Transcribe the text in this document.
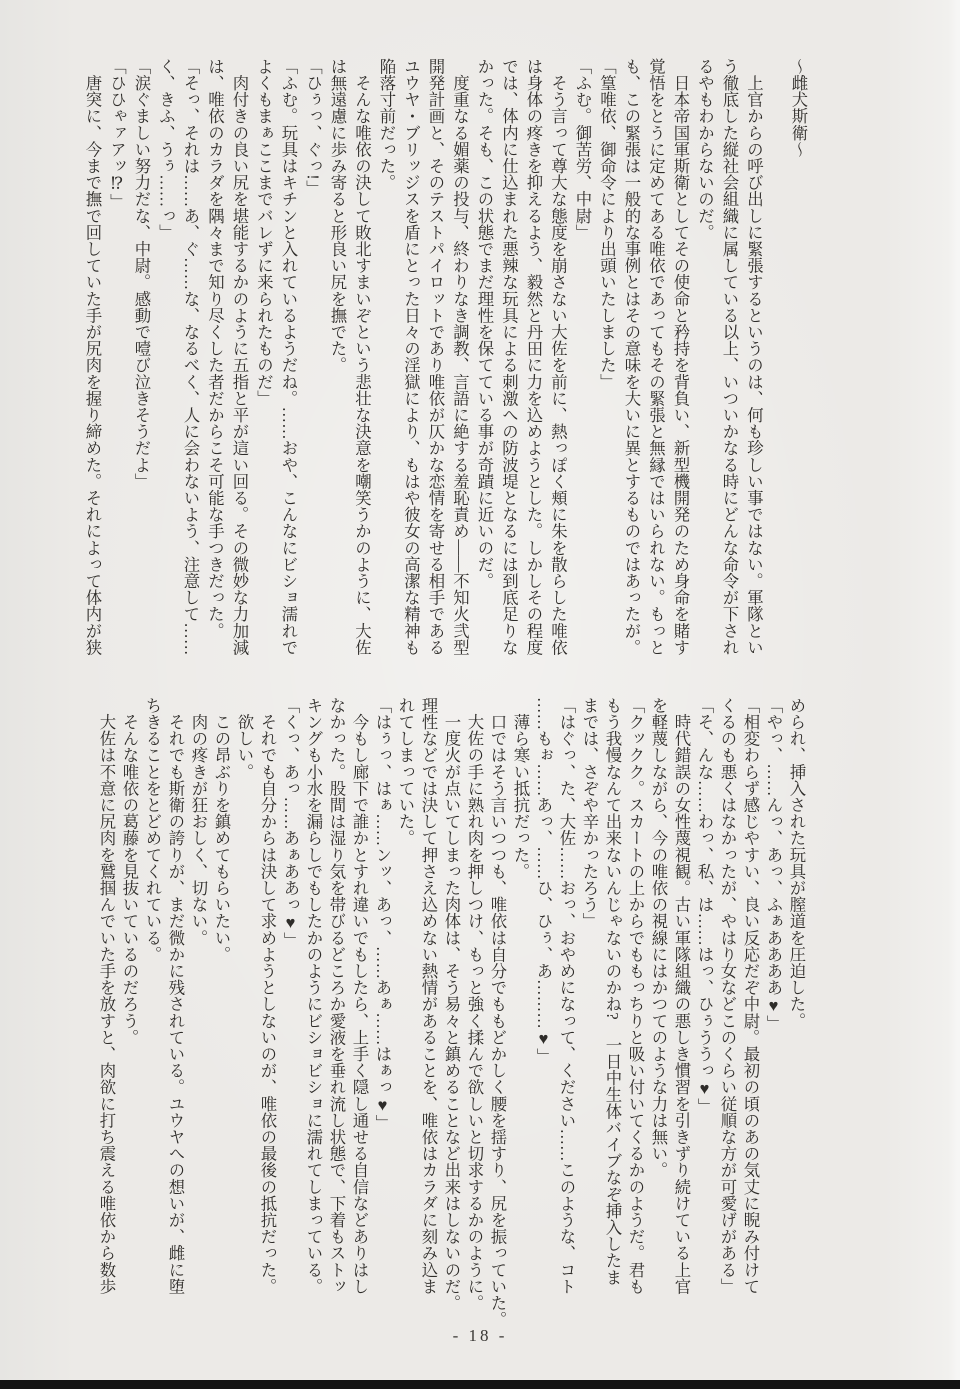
～雌犬斯衛～

　上官からの呼び出しに緊張するというのは、何も珍しい事ではない。軍隊とい

う徹底した縦社会組織に属している以上、いついかなる時にどんな命令が下され

るやもわからないのだ。

　日本帝国軍斯衛としてその使命と矜持を背負い、新型機開発のため身命を賭す

覚悟をとうに定めてある唯依であってもその緊張と無縁ではいられない。もっと

も、この緊張は一般的な事例とはその意味を大いに異とするものではあったが。

「篁唯依、御命令により出頭いたしました」

「ふむ。御苦労、中尉」

　そう言って尊大な態度を崩さない大佐を前に、熱っぽく頬に朱を散らした唯依

は身体の疼きを抑えるよう、毅然と丹田に力を込めようとした。しかしその程度

では、体内に仕込まれた悪辣な玩具による刺激への防波堤となるには到底足りな

かった。そも、この状態でまだ理性を保てている事が奇蹟に近いのだ。

　度重なる媚薬の投与、終わりなき調教、言語に絶する羞恥責め――不知火弐型

開発計画と、そのテストパイロットであり唯依が仄かな恋情を寄せる相手である

ユウヤ・ブリッジスを盾にとった日々の淫獄により、もはや彼女の高潔な精神も

陥落寸前だった。

　そんな唯依の決して敗北すまいぞという悲壮な決意を嘲笑うかのように、大佐

は無遠慮に歩み寄ると形良い尻を撫でた。

「ひぅっ、ぐっ!」

「ふむ。玩具はキチンと入れているようだね。……おや、こんなにビショ濡れで

よくもまぁここまでバレずに来られたものだ」

　肉付きの良い尻を堪能するかのように五指と平が這い回る。その微妙な力加減

は、唯依のカラダを隅々まで知り尽くした者だからこそ可能な手つきだった。

「そっ、それは……あ、ぐ……な、なるべく、人に会わないよう、注意して……

く、きふ、うぅ……っ」

「涙ぐましい努力だな、中尉。感動で噎び泣きそうだよ」

「ひひゃァアッ⁉」

　唐突に、今まで撫で回していた手が尻肉を握り締めた。それによって体内が狭

められ、挿入された玩具が膣道を圧迫した。

「やっ、……んっ、あっ、ふぁああああ♥」

「相変わらず感じやすい、良い反応だぞ中尉。最初の頃のあの気丈に睨み付けて

くるのも悪くはなかったが、やはり女などこのくらい従順な方が可愛げがある」

「そ、んな……わっ、私、は……はっ、ひぅううっ♥」

　時代錯誤の女性蔑視観。古い軍隊組織の悪しき慣習を引きずり続けている上官

を軽蔑しながら、今の唯依の視線にはかつてのような力は無い。

「クックク。スカートの上からでももっちりと吸い付いてくるかのようだ。君も

もう我慢なんて出来ないんじゃないのかね?　一日中生体バイブなぞ挿入したま

までは、さぞや辛かったろう」

「はぐっ、た、大佐……おっ、おやめになって、ください……このような、コト

……もぉ……あっ、……ひ、ひぅ、あ………♥」

　薄ら寒い抵抗だった。

　口ではそう言いつつも、唯依は自分でももどかしく腰を揺すり、尻を振っていた。

　大佐の手に熟れ肉を押しつけ、もっと強く揉んで欲しいと切求するかのように。

　一度火が点いてしまった肉体は、そう易々と鎮めることなど出来はしないのだ。

理性などでは決して押さえ込めない熱情があることを、唯依はカラダに刻み込ま

れてしまっていた。

「はぅっ、はぁ……ンッ、あっ、……あぁ……はぁっ♥」

　今もし廊下で誰かとすれ違いでもしたら、上手く隠し通せる自信などありはし

なかった。股間は湿り気を帯びるどころか愛液を垂れ流し状態で、下着もストッ

キングも小水を漏らしでもしたかのようにビショビショに濡れてしまっている。

「くっ、あっ……あぁああっ♥」

　それでも自分からは決して求めようとしないのが、唯依の最後の抵抗だった。

　欲しい。

　この昂ぶりを鎮めてもらいたい。

　肉の疼きが狂おしく、切ない。

　それでも斯衛の誇りが、まだ微かに残されている。ユウヤへの想いが、雌に堕

ちきることをとどめてくれている。

　そんな唯依の葛藤を見抜いているのだろう。

　大佐は不意に尻肉を鷲掴んでいた手を放すと、肉欲に打ち震える唯依から数歩

- 18 -
